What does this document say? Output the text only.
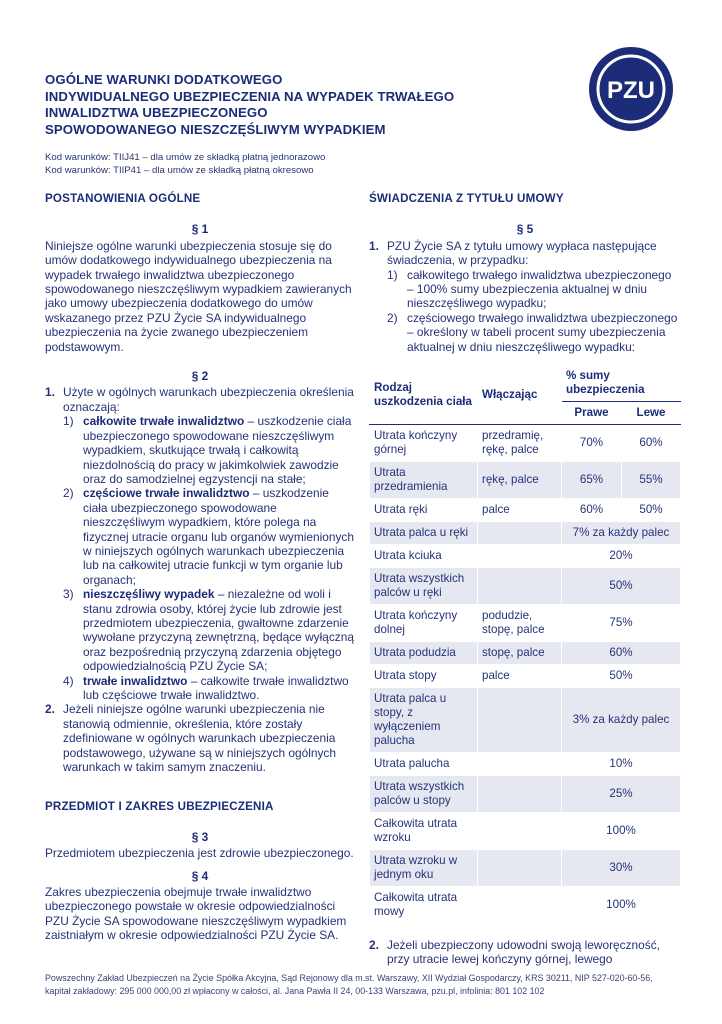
OGÓLNE WARUNKI DODATKOWEGO
INDYWIDUALNEGO UBEZPIECZENIA NA WYPADEK TRWAŁEGO
INWALIDZTWA UBEZPIECZONEGO
SPOWODOWANEGO NIESZCZĘŚLIWYM WYPADKIEM
PZU
Kod warunków: TIIJ41 – dla umów ze składką płatną jednorazowo
Kod warunków: TIIP41 – dla umów ze składką płatną okresowo
POSTANOWIENIA OGÓLNE
§ 1
Niniejsze ogólne warunki ubezpieczenia stosuje się do umów dodatkowego indywidualnego ubezpieczenia na wypadek trwałego inwalidztwa ubezpieczonego spowodowanego nieszczęśliwym wypadkiem zawieranych jako umowy ubezpieczenia dodatkowego do umów wskazanego przez PZU Życie SA indywidualnego ubezpieczenia na życie zwanego ubezpieczeniem podstawowym.
§ 2
1. Użyte w ogólnych warunkach ubezpieczenia określenia oznaczają:
1) całkowite trwałe inwalidztwo – uszkodzenie ciała ubezpieczonego spowodowane nieszczęśliwym wypadkiem, skutkujące trwałą i całkowitą niezdolnością do pracy w jakimkolwiek zawodzie oraz do samodzielnej egzystencji na stałe;
2) częściowe trwałe inwalidztwo – uszkodzenie ciała ubezpieczonego spowodowane nieszczęśliwym wypadkiem, które polega na fizycznej utracie organu lub organów wymienionych w niniejszych ogólnych warunkach ubezpieczenia lub na całkowitej utracie funkcji w tym organie lub organach;
3) nieszczęśliwy wypadek – niezależne od woli i stanu zdrowia osoby, której życie lub zdrowie jest przedmiotem ubezpieczenia, gwałtowne zdarzenie wywołane przyczyną zewnętrzną, będące wyłączną oraz bezpośrednią przyczyną zdarzenia objętego odpowiedzialnością PZU Życie SA;
4) trwałe inwalidztwo – całkowite trwałe inwalidztwo lub częściowe trwałe inwalidztwo.
2. Jeżeli niniejsze ogólne warunki ubezpieczenia nie stanowią odmiennie, określenia, które zostały zdefiniowane w ogólnych warunkach ubezpieczenia podstawowego, używane są w niniejszych ogólnych warunkach w takim samym znaczeniu.
PRZEDMIOT I ZAKRES UBEZPIECZENIA
§ 3
Przedmiotem ubezpieczenia jest zdrowie ubezpieczonego.
§ 4
Zakres ubezpieczenia obejmuje trwałe inwalidztwo ubezpieczonego powstałe w okresie odpowiedzialności PZU Życie SA spowodowane nieszczęśliwym wypadkiem zaistniałym w okresie odpowiedzialności PZU Życie SA.
ŚWIADCZENIA Z TYTUŁU UMOWY
§ 5
1. PZU Życie SA z tytułu umowy wypłaca następujące świadczenia, w przypadku:
1) całkowitego trwałego inwalidztwa ubezpieczonego – 100% sumy ubezpieczenia aktualnej w dniu nieszczęśliwego wypadku;
2) częściowego trwałego inwalidztwa ubezpieczonego – określony w tabeli procent sumy ubezpieczenia aktualnej w dniu nieszczęśliwego wypadku:
Rodzaj uszkodzenia ciała	Włączając	% sumy ubezpieczenia	
		Prawe	Lewe
Utrata kończyny górnej	przedramię, rękę, palce	70%	60%
Utrata przedramienia	rękę, palce	65%	55%
Utrata ręki	palce	60%	50%
Utrata palca u ręki		7% za każdy palec	
Utrata kciuka		20%	
Utrata wszystkich palców u ręki		50%	
Utrata kończyny dolnej	podudzie, stopę, palce	75%	
Utrata podudzia	stopę, palce	60%	
Utrata stopy	palce	50%	
Utrata palca u stopy, z wyłączeniem palucha		3% za każdy palec	
Utrata palucha		10%	
Utrata wszystkich palców u stopy		25%	
Całkowita utrata wzroku		100%	
Utrata wzroku w jednym oku		30%	
Całkowita utrata mowy		100%	
2. Jeżeli ubezpieczony udowodni swoją leworęczność, przy utracie lewej kończyny górnej, lewego
Powszechny Zakład Ubezpieczeń na Życie Spółka Akcyjna, Sąd Rejonowy dla m.st. Warszawy, XII Wydział Gospodarczy, KRS 30211, NIP 527-020-60-56,
kapitał zakładowy: 295 000 000,00 zł wpłacony w całości, al. Jana Pawła II 24, 00-133 Warszawa, pzu.pl, infolinia: 801 102 102
